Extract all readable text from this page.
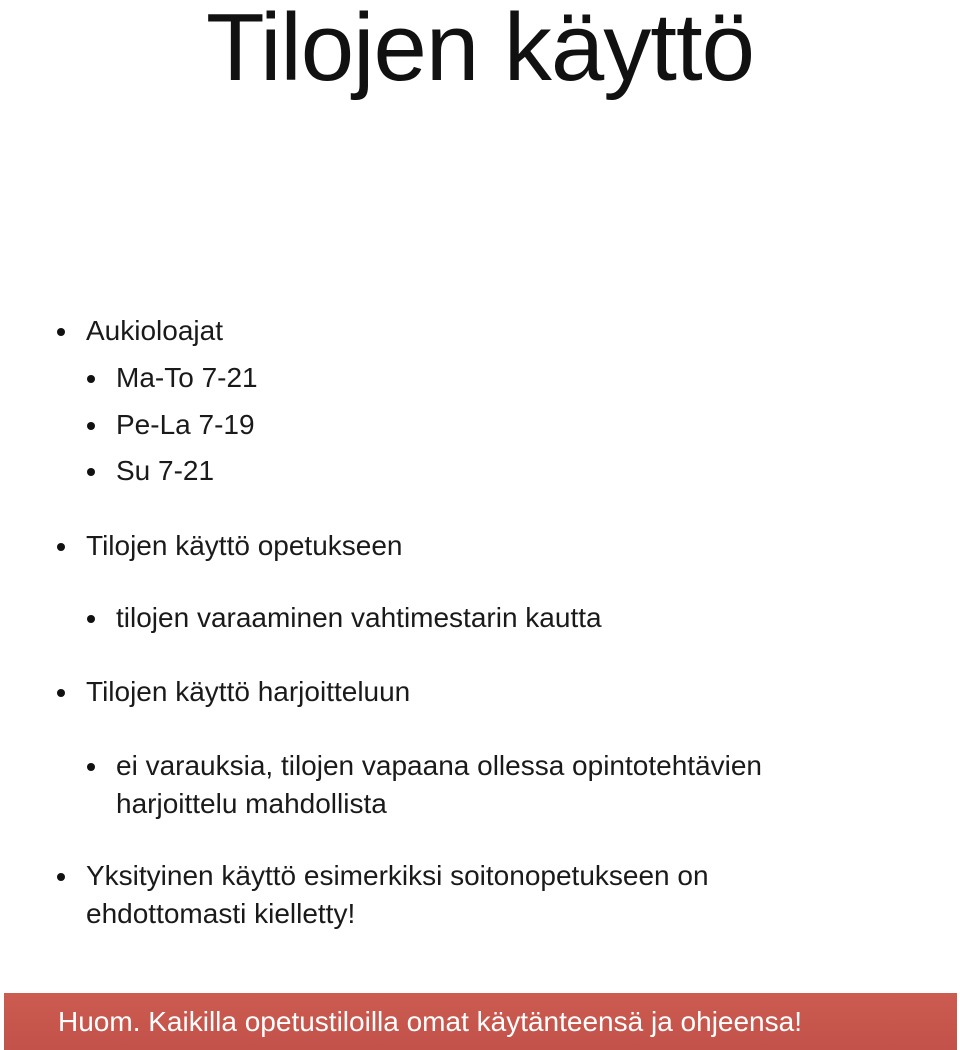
Tilojen käyttö
Aukioloajat
Ma-To 7-21
Pe-La 7-19
Su 7-21
Tilojen käyttö opetukseen
tilojen varaaminen vahtimestarin kautta
Tilojen käyttö harjoitteluun
ei varauksia, tilojen vapaana ollessa opintotehtävien harjoittelu mahdollista
Yksityinen käyttö esimerkiksi soitonopetukseen on ehdottomasti kielletty!
Huom. Kaikilla opetustiloilla omat käytänteensä ja ohjeensa!
